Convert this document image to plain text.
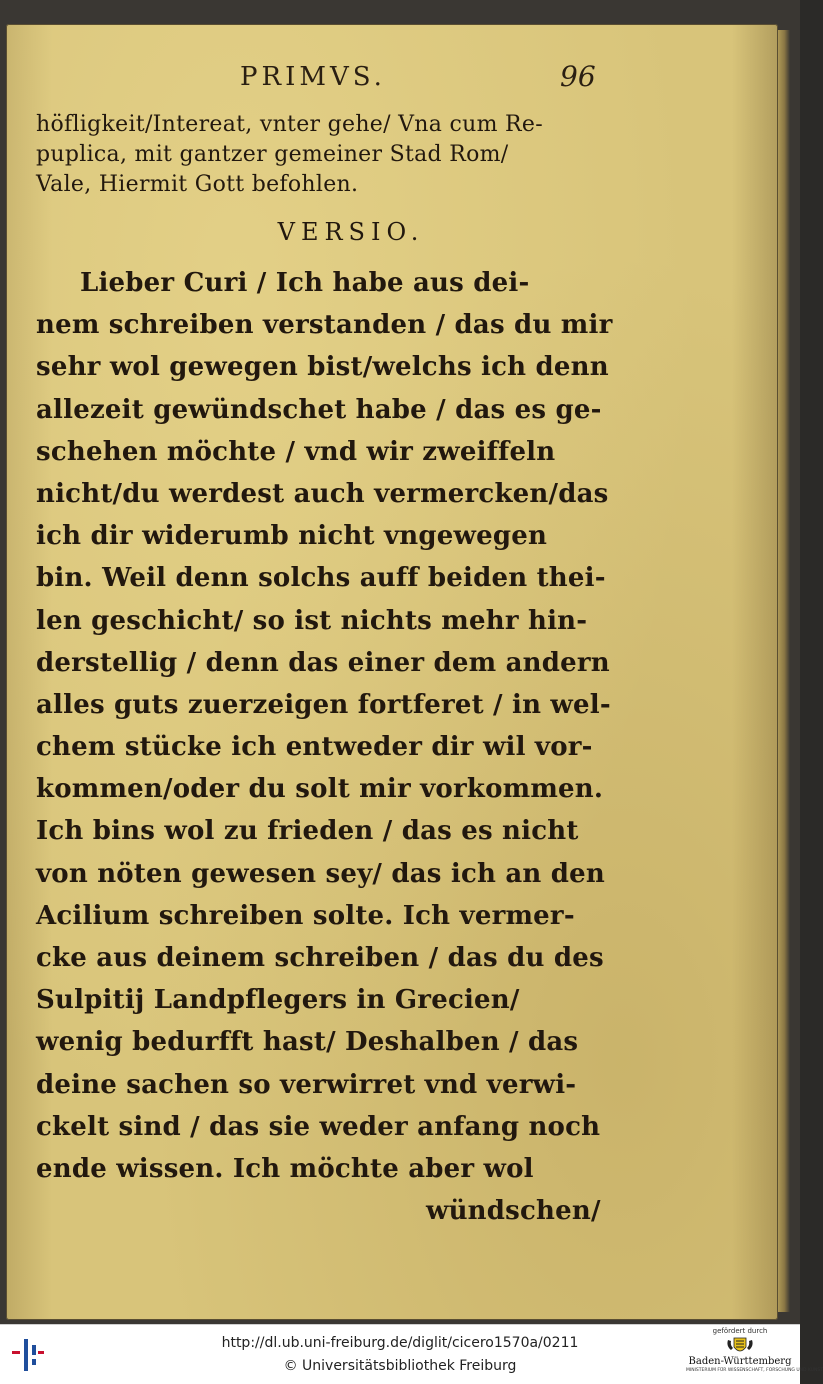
PRIMVS.	96
höfligkeit/Intereat, vnter gehe/ Vna cum Re-
puplica, mit gantzer gemeiner Stad Rom/
Vale, Hiermit Gott befohlen.
VERSIO.
Lieber Curi / Ich habe aus dei-
nem schreiben verstanden / das du mir
sehr wol gewegen bist/welchs ich denn
allezeit gewündschet habe / das es ge-
schehen möchte / vnd wir zweiffeln
nicht/du werdest auch vermercken/das
ich dir widerumb nicht vngewegen
bin. Weil denn solchs auff beiden thei-
len geschicht/ so ist nichts mehr hin-
derstellig / denn das einer dem andern
alles guts zuerzeigen fortferet / in wel-
chem stücke ich entweder dir wil vor-
kommen/oder du solt mir vorkommen.
Ich bins wol zu frieden / das es nicht
von nöten gewesen sey/ das ich an den
Acilium schreiben solte. Ich vermer-
cke aus deinem schreiben / das du des
Sulpitij Landpflegers in Grecien/
wenig bedurfft hast/ Deshalben / das
deine sachen so verwirret vnd verwi-
ckelt sind / das sie weder anfang noch
ende wissen. Ich möchte aber wol
wündschen/
http://dl.ub.uni-freiburg.de/diglit/cicero1570a/0211
© Universitätsbibliothek Freiburg
gefördert durch
Baden-Württemberg
MINISTERIUM FÜR WISSENSCHAFT, FORSCHUNG UND KUNST
